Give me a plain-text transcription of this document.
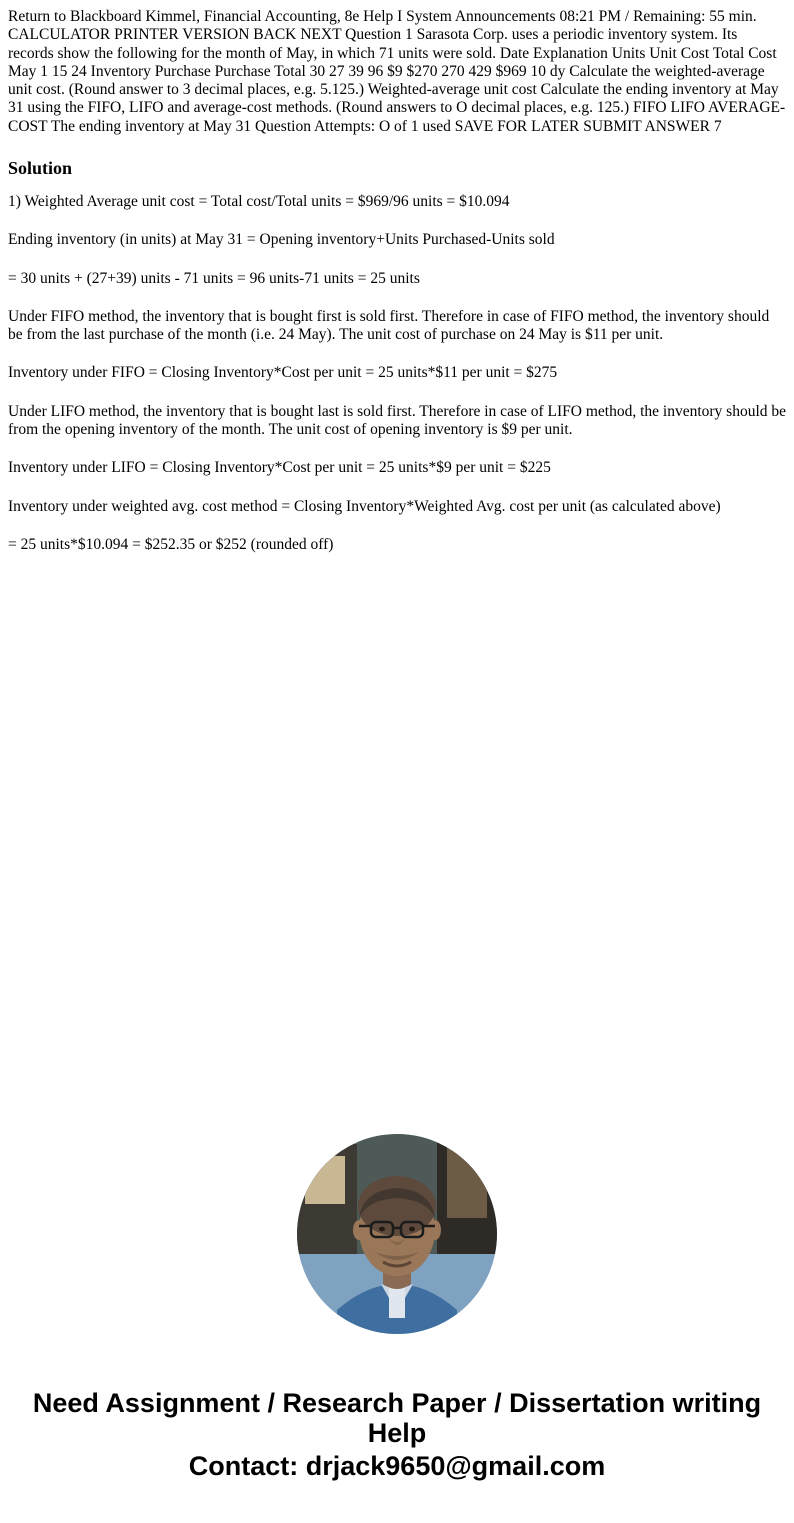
Return to Blackboard Kimmel, Financial Accounting, 8e Help I System Announcements 08:21 PM / Remaining: 55 min. CALCULATOR PRINTER VERSION BACK NEXT Question 1 Sarasota Corp. uses a periodic inventory system. Its records show the following for the month of May, in which 71 units were sold. Date Explanation Units Unit Cost Total Cost May 1 15 24 Inventory Purchase Purchase Total 30 27 39 96 $9 $270 270 429 $969 10 dy Calculate the weighted-average unit cost. (Round answer to 3 decimal places, e.g. 5.125.) Weighted-average unit cost Calculate the ending inventory at May 31 using the FIFO, LIFO and average-cost methods. (Round answers to O decimal places, e.g. 125.) FIFO LIFO AVERAGE-COST The ending inventory at May 31 Question Attempts: O of 1 used SAVE FOR LATER SUBMIT ANSWER 7
Solution

1) Weighted Average unit cost = Total cost/Total units = $969/96 units = $10.094

Ending inventory (in units) at May 31 = Opening inventory+Units Purchased-Units sold

= 30 units + (27+39) units - 71 units = 96 units-71 units = 25 units

Under FIFO method, the inventory that is bought first is sold first. Therefore in case of FIFO method, the inventory should be from the last purchase of the month (i.e. 24 May). The unit cost of purchase on 24 May is $11 per unit.

Inventory under FIFO = Closing Inventory*Cost per unit = 25 units*$11 per unit = $275

Under LIFO method, the inventory that is bought last is sold first. Therefore in case of LIFO method, the inventory should be from the opening inventory of the month. The unit cost of opening inventory is $9 per unit.

Inventory under LIFO = Closing Inventory*Cost per unit = 25 units*$9 per unit = $225

Inventory under weighted avg. cost method = Closing Inventory*Weighted Avg. cost per unit (as calculated above)

= 25 units*$10.094 = $252.35 or $252 (rounded off)

Need Assignment / Research Paper / Dissertation writing Help
Contact: drjack9650@gmail.com
